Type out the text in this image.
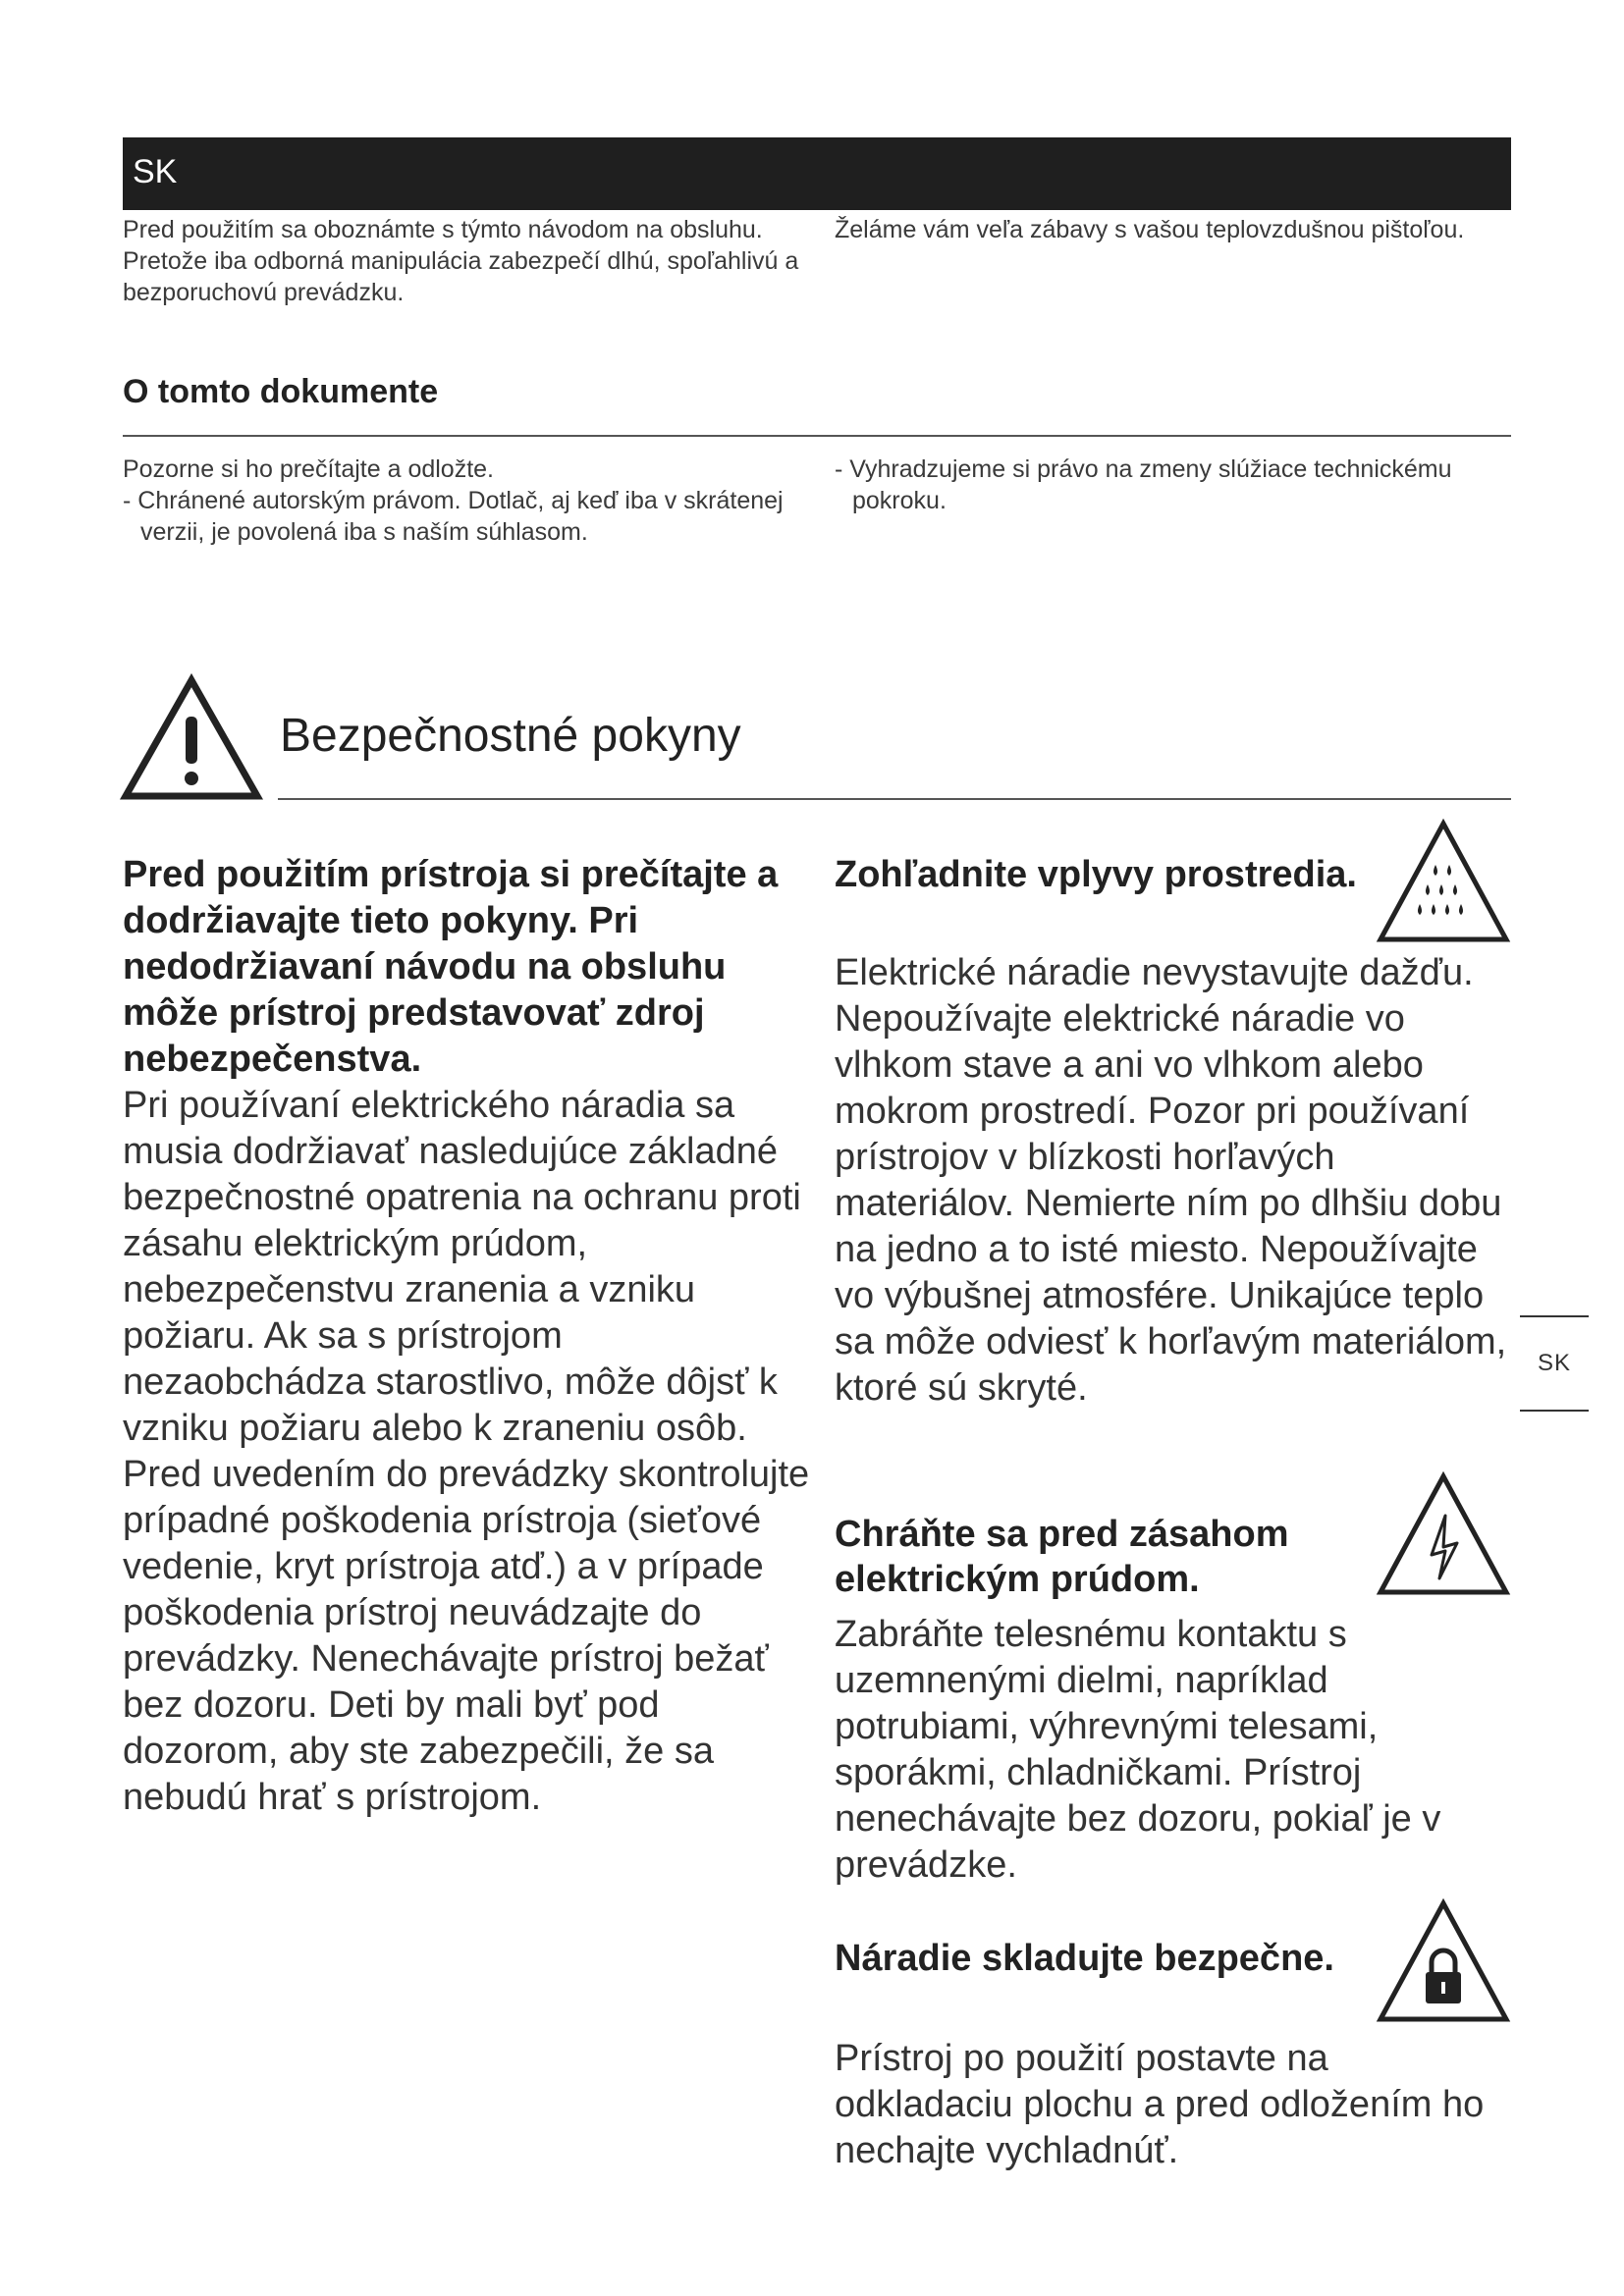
SK

Pred použitím sa oboznámte s týmto návodom na obsluhu. Pretože iba odborná manipulácia zabezpečí dlhú, spoľahlivú a bezporuchovú prevádzku.

Želáme vám veľa zábavy s vašou teplovzdušnou pištoľou.

O tomto dokumente

Pozorne si ho prečítajte a odložte.

- Chránené autorským právom. Dotlač, aj keď iba v skrátenej verzii, je povolená iba s naším súhlasom.

- Vyhradzujeme si právo na zmeny slúžiace technickému pokroku.

Bezpečnostné pokyny

Pred použitím prístroja si prečítajte a dodržiavajte tieto pokyny. Pri nedodržiavaní návodu na obsluhu môže prístroj predstavovať zdroj nebezpečenstva.

Pri používaní elektrického náradia sa musia dodržiavať nasledujúce základné bezpečnostné opatrenia na ochranu proti zásahu elektrickým prúdom, nebezpečenstvu zranenia a vzniku požiaru. Ak sa s prístrojom nezaobchádza starostlivo, môže dôjsť k vzniku požiaru alebo k zraneniu osôb. Pred uvedením do prevádzky skontrolujte prípadné poškodenia prístroja (sieťové vedenie, kryt prístroja atď.) a v prípade poškodenia prístroj neuvádzajte do prevádzky. Nenechávajte prístroj bežať bez dozoru. Deti by mali byť pod dozorom, aby ste zabezpečili, že sa nebudú hrať s prístrojom.

Zohľadnite vplyvy prostredia.

Elektrické náradie nevystavujte dažďu. Nepoužívajte elektrické náradie vo vlhkom stave a ani vo vlhkom alebo mokrom prostredí. Pozor pri používaní prístrojov v blízkosti horľavých materiálov. Nemierte ním po dlhšiu dobu na jedno a to isté miesto. Nepoužívajte vo výbušnej atmosfére. Unikajúce teplo sa môže odviesť k horľavým materiálom, ktoré sú skryté.

Chráňte sa pred zásahom elektrickým prúdom.

Zabráňte telesnému kontaktu s uzemnenými dielmi, napríklad potrubiami, výhrevnými telesami, sporákmi, chladničkami. Prístroj nenechávajte bez dozoru, pokiaľ je v prevádzke.

Náradie skladujte bezpečne.

Prístroj po použití postavte na odkladaciu plochu a pred odložením ho nechajte vychladnúť.

SK
